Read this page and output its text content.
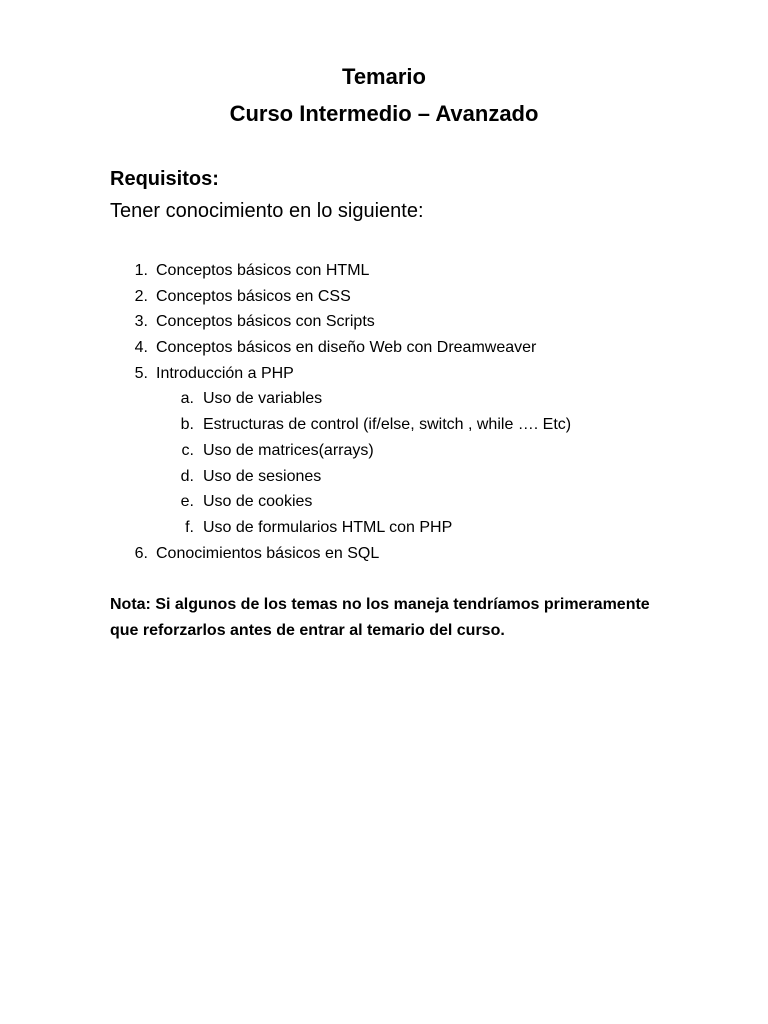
Temario
Curso Intermedio – Avanzado
Requisitos:
Tener conocimiento en lo siguiente:
1. Conceptos básicos con HTML
2. Conceptos básicos en CSS
3. Conceptos básicos con Scripts
4. Conceptos básicos en diseño Web con Dreamweaver
5. Introducción a PHP
a. Uso de variables
b. Estructuras de control (if/else, switch , while …. Etc)
c. Uso de matrices(arrays)
d. Uso de sesiones
e. Uso de cookies
f. Uso de formularios HTML con PHP
6. Conocimientos básicos en SQL

Nota: Si algunos de los temas no los maneja tendríamos primeramente que reforzarlos antes de entrar al temario del curso.
